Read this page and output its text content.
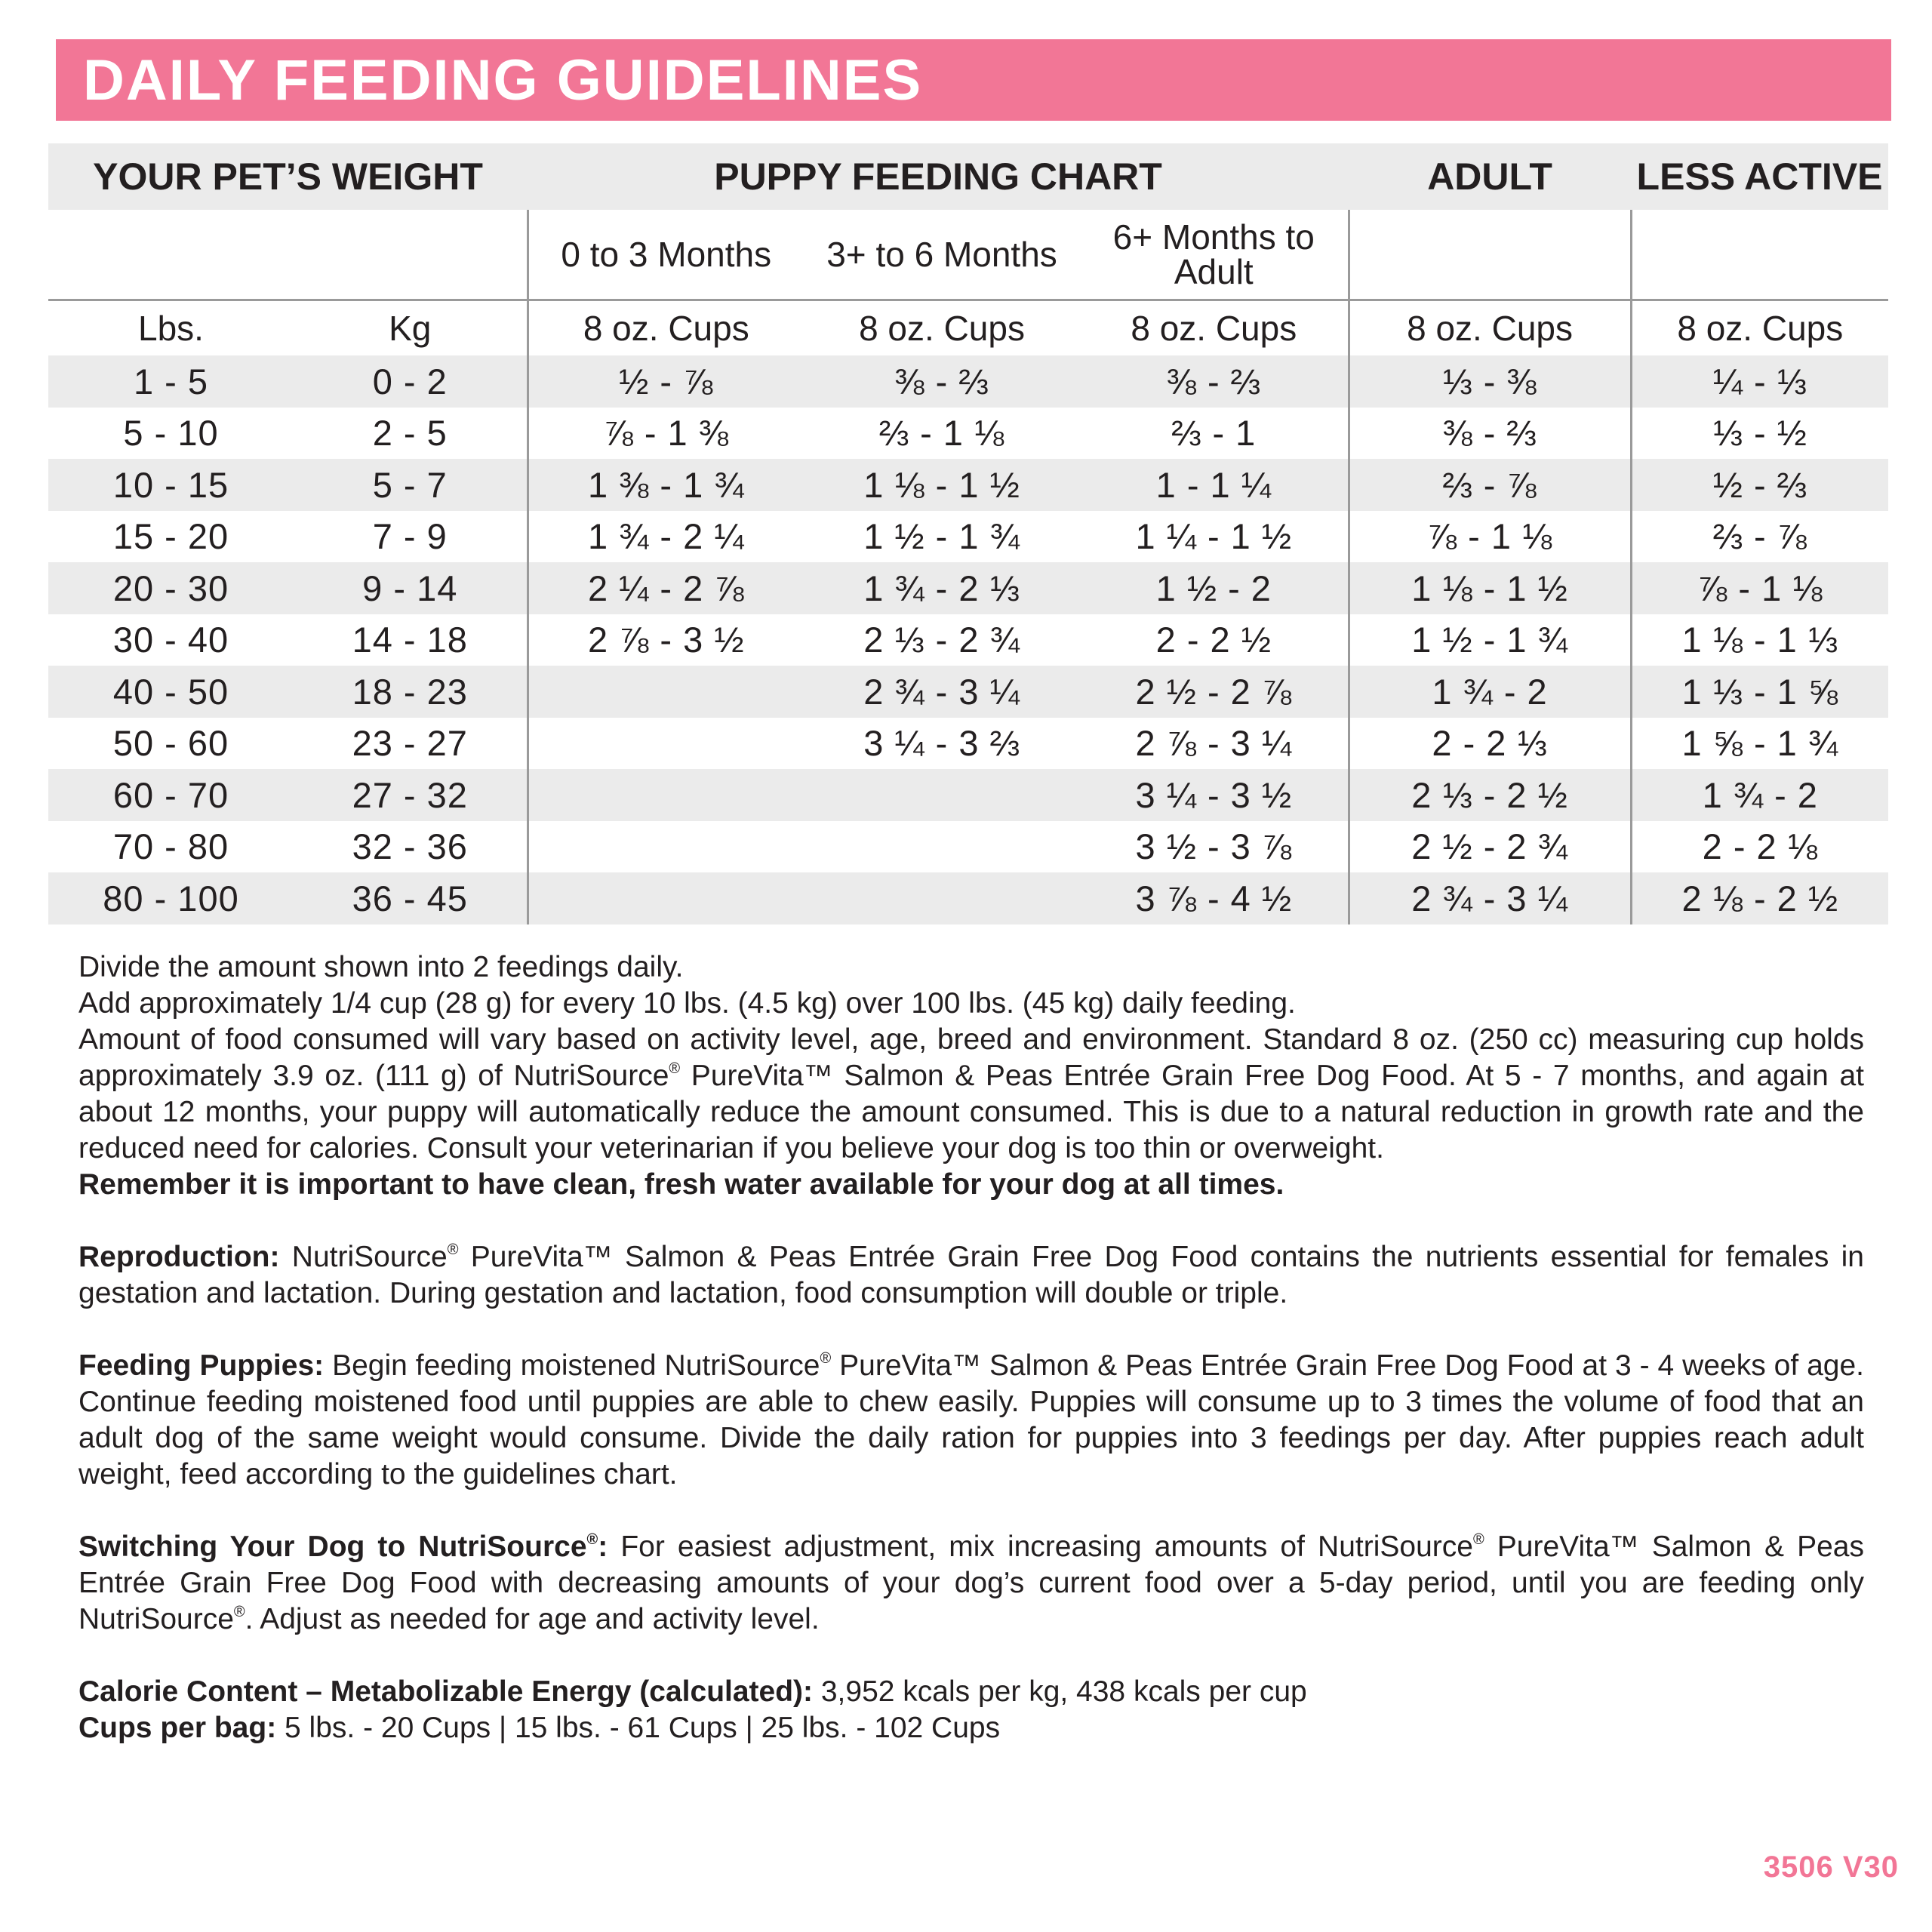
DAILY FEEDING GUIDELINES
YOUR PET’S WEIGHT		PUPPY FEEDING CHART			ADULT	LESS ACTIVE
		0 to 3 Months	3+ to 6 Months	6+ Months to Adult		
Lbs.	Kg	8 oz. Cups	8 oz. Cups	8 oz. Cups	8 oz. Cups	8 oz. Cups
1 - 5	0 - 2	½ - ⅞	⅜ - ⅔	⅜ - ⅔	⅓ - ⅜	¼ - ⅓
5 - 10	2 - 5	⅞ - 1 ⅜	⅔ - 1 ⅛	⅔ - 1	⅜ - ⅔	⅓ - ½
10 - 15	5 - 7	1 ⅜ - 1 ¾	1 ⅛ - 1 ½	1 - 1 ¼	⅔ - ⅞	½ - ⅔
15 - 20	7 - 9	1 ¾ - 2 ¼	1 ½ - 1 ¾	1 ¼ - 1 ½	⅞ - 1 ⅛	⅔ - ⅞
20 - 30	9 - 14	2 ¼ - 2 ⅞	1 ¾ - 2 ⅓	1 ½ - 2	1 ⅛ - 1 ½	⅞ - 1 ⅛
30 - 40	14 - 18	2 ⅞ - 3 ½	2 ⅓ - 2 ¾	2 - 2 ½	1 ½ - 1 ¾	1 ⅛ - 1 ⅓
40 - 50	18 - 23		2 ¾ - 3 ¼	2 ½ - 2 ⅞	1 ¾ - 2	1 ⅓ - 1 ⅝
50 - 60	23 - 27		3 ¼ - 3 ⅔	2 ⅞ - 3 ¼	2 - 2 ⅓	1 ⅝ - 1 ¾
60 - 70	27 - 32			3 ¼ - 3 ½	2 ⅓ - 2 ½	1 ¾ - 2
70 - 80	32 - 36			3 ½ - 3 ⅞	2 ½ - 2 ¾	2 - 2 ⅛
80 - 100	36 - 45			3 ⅞ - 4 ½	2 ¾ - 3 ¼	2 ⅛ - 2 ½

Divide the amount shown into 2 feedings daily.

Add approximately 1/4 cup (28 g) for every 10 lbs. (4.5 kg) over 100 lbs. (45 kg) daily feeding.

Amount of food consumed will vary based on activity level, age, breed and environment. Standard 8 oz. (250 cc) measuring cup holds approximately 3.9 oz. (111 g) of NutriSource® PureVita™ Salmon & Peas Entrée Grain Free Dog Food. At 5 - 7 months, and again at about 12 months, your puppy will automatically reduce the amount consumed. This is due to a natural reduction in growth rate and the reduced need for calories. Consult your veterinarian if you believe your dog is too thin or overweight.

Remember it is important to have clean, fresh water available for your dog at all times.

Reproduction: NutriSource® PureVita™ Salmon & Peas Entrée Grain Free Dog Food contains the nutrients essential for females in gestation and lactation. During gestation and lactation, food consumption will double or triple.

Feeding Puppies: Begin feeding moistened NutriSource® PureVita™ Salmon & Peas Entrée Grain Free Dog Food at 3 - 4 weeks of age. Continue feeding moistened food until puppies are able to chew easily. Puppies will consume up to 3 times the volume of food that an adult dog of the same weight would consume. Divide the daily ration for puppies into 3 feedings per day. After puppies reach adult weight, feed according to the guidelines chart.

Switching Your Dog to NutriSource®: For easiest adjustment, mix increasing amounts of NutriSource® PureVita™ Salmon & Peas Entrée Grain Free Dog Food with decreasing amounts of your dog’s current food over a 5-day period, until you are feeding only NutriSource®. Adjust as needed for age and activity level.

Calorie Content – Metabolizable Energy (calculated): 3,952 kcals per kg, 438 kcals per cup

Cups per bag: 5 lbs. - 20 Cups | 15 lbs. - 61 Cups | 25 lbs. - 102 Cups

3506 V30
